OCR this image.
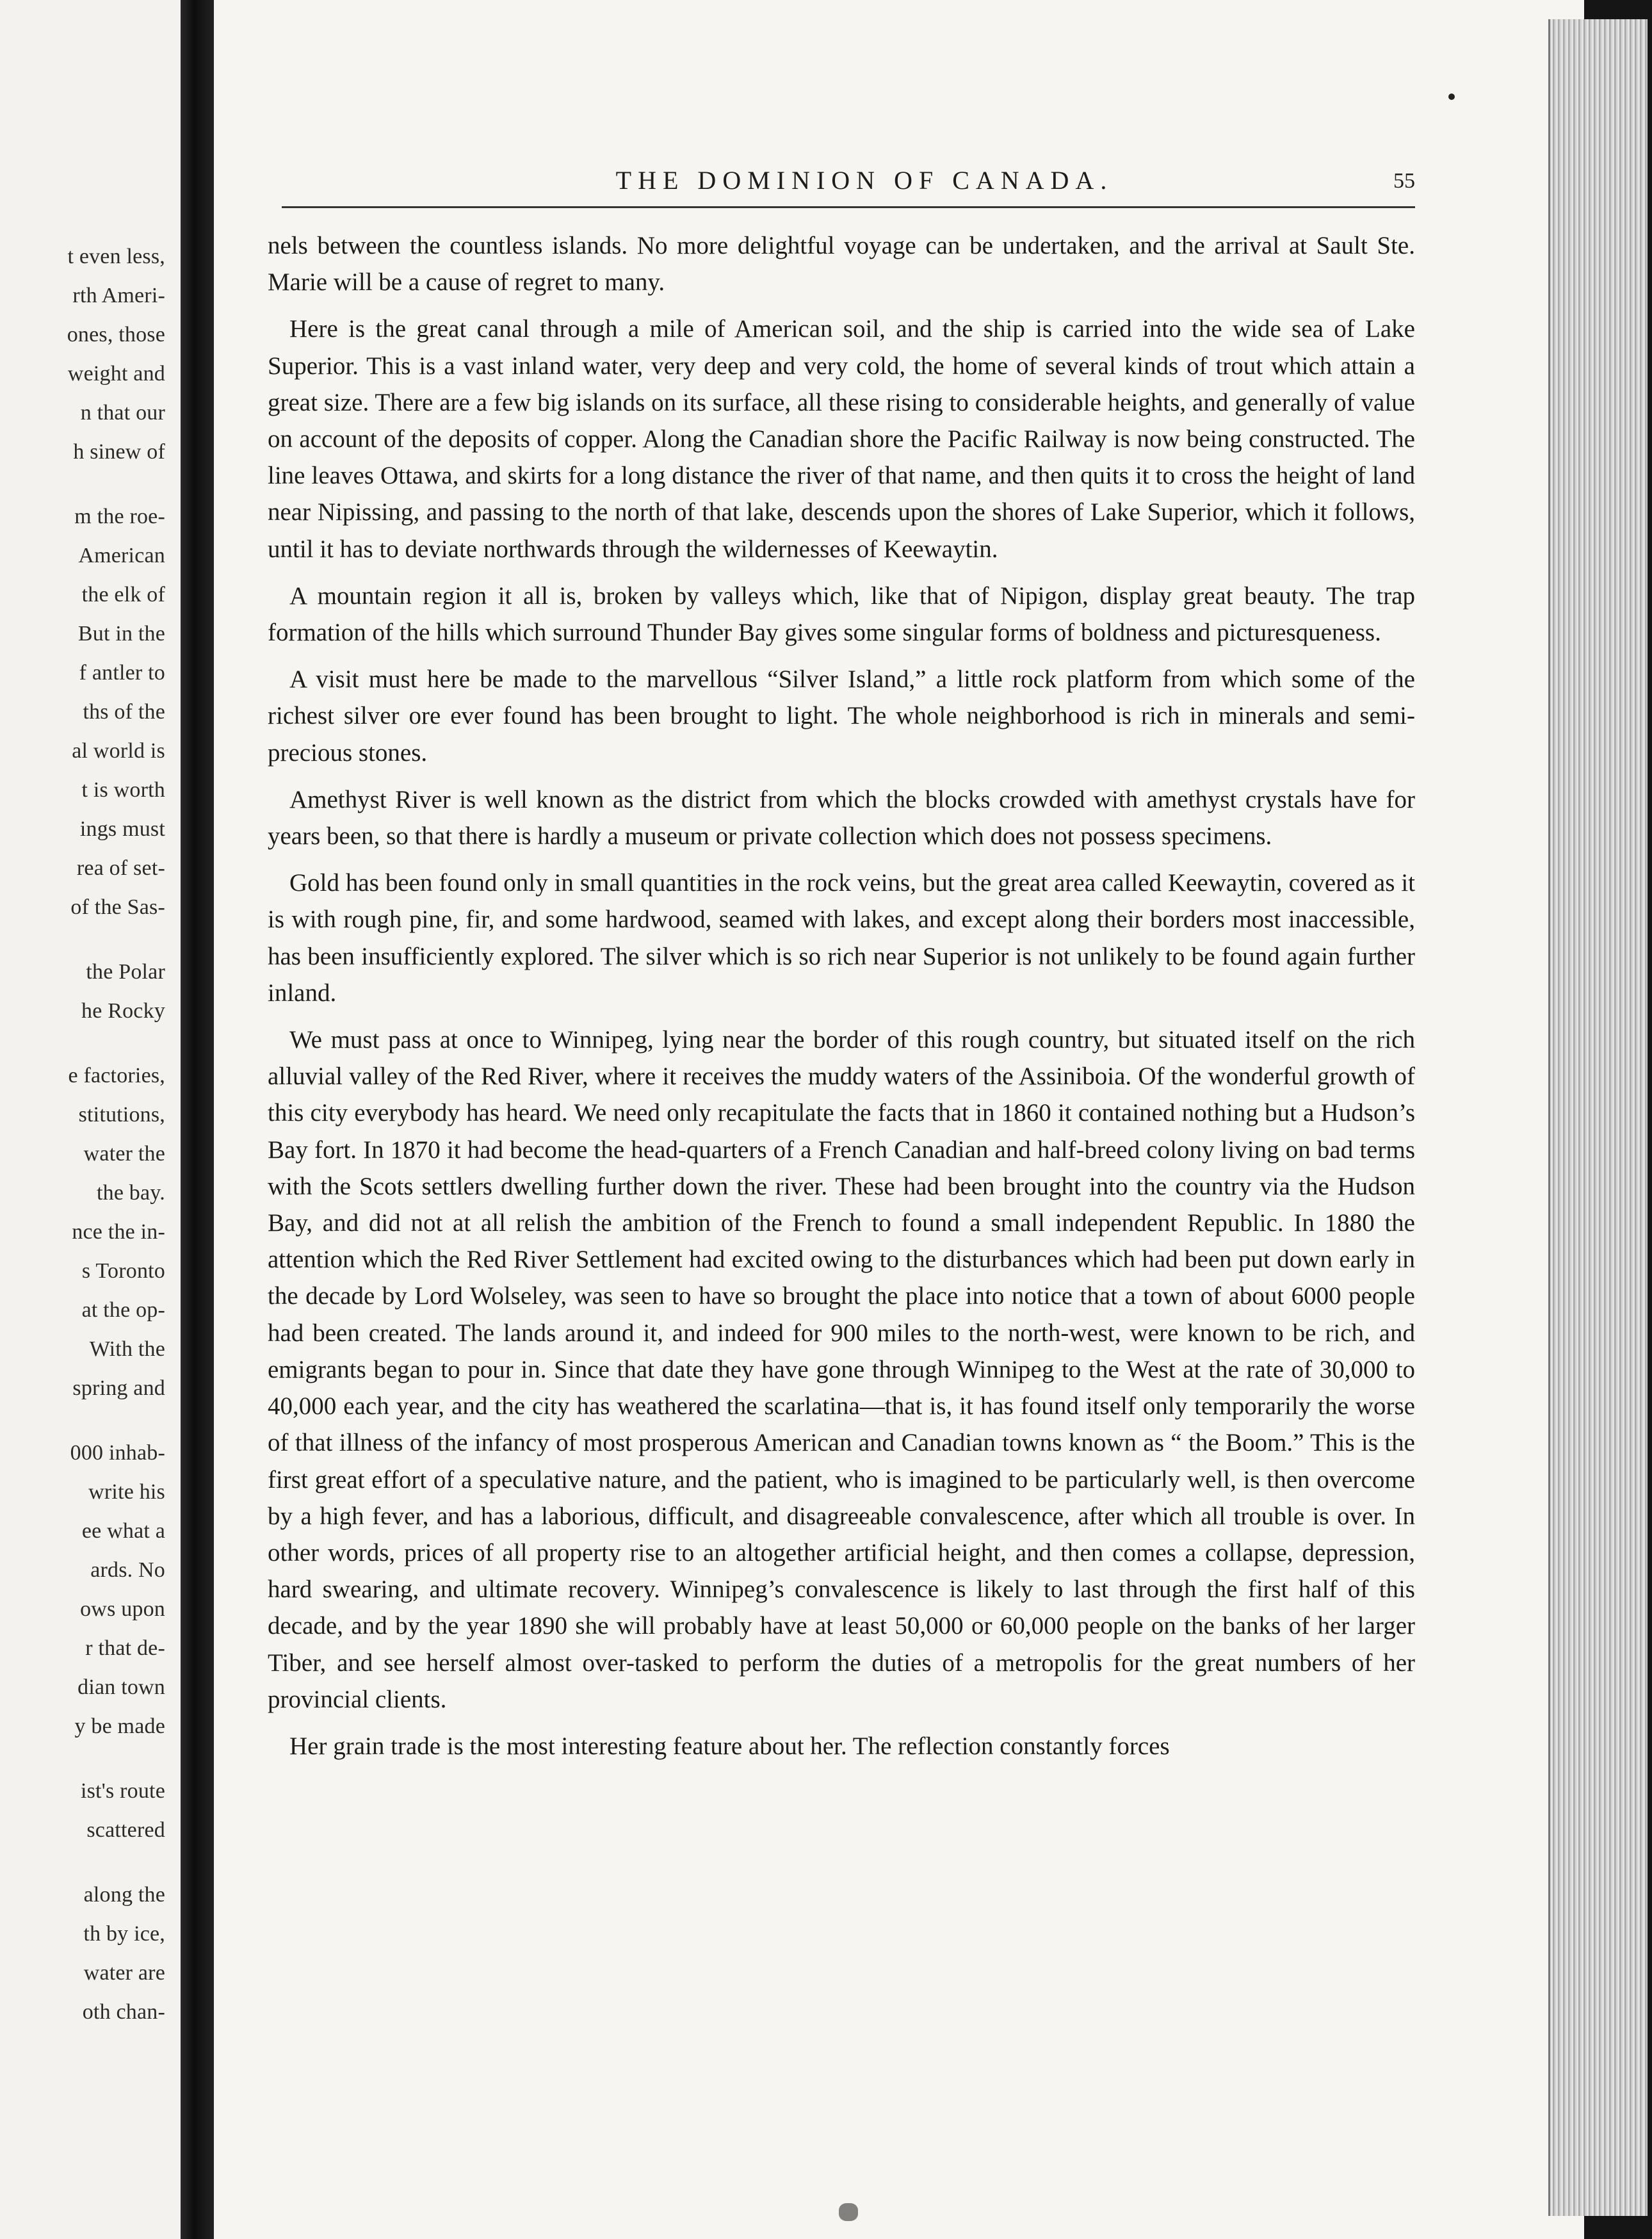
t even less,
rth Ameri-
ones, those
weight and
n that our
h sinew of
m the roe-
American
the elk of
But in the
f antler to
ths of the
al world is
t is worth
ings must
rea of set-
of the Sas-
the Polar
he Rocky
e factories,
stitutions,
water the
the bay.
nce the in-
s Toronto
at the op-
With the
spring and
000 inhab-
write his
ee what a
ards. No
ows upon
r that de-
dian town
y be made
ist's route
scattered
along the
th by ice,
water are
oth chan-
THE DOMINION OF CANADA.	55

nels between the countless islands. No more delightful voyage can be undertaken, and the arrival at Sault Ste. Marie will be a cause of regret to many.

Here is the great canal through a mile of American soil, and the ship is carried into the wide sea of Lake Superior. This is a vast inland water, very deep and very cold, the home of several kinds of trout which attain a great size. There are a few big islands on its surface, all these rising to considerable heights, and generally of value on account of the deposits of copper. Along the Canadian shore the Pacific Railway is now being constructed. The line leaves Ottawa, and skirts for a long distance the river of that name, and then quits it to cross the height of land near Nipissing, and passing to the north of that lake, descends upon the shores of Lake Superior, which it follows, until it has to deviate northwards through the wildernesses of Keewaytin.

A mountain region it all is, broken by valleys which, like that of Nipigon, display great beauty. The trap formation of the hills which surround Thunder Bay gives some singular forms of boldness and picturesqueness.

A visit must here be made to the marvellous “Silver Island,” a little rock platform from which some of the richest silver ore ever found has been brought to light. The whole neighborhood is rich in minerals and semi-precious stones.

Amethyst River is well known as the district from which the blocks crowded with amethyst crystals have for years been, so that there is hardly a museum or private collection which does not possess specimens.

Gold has been found only in small quantities in the rock veins, but the great area called Keewaytin, covered as it is with rough pine, fir, and some hardwood, seamed with lakes, and except along their borders most inaccessible, has been insufficiently explored. The silver which is so rich near Superior is not unlikely to be found again further inland.

We must pass at once to Winnipeg, lying near the border of this rough country, but situated itself on the rich alluvial valley of the Red River, where it receives the muddy waters of the Assiniboia. Of the wonderful growth of this city everybody has heard. We need only recapitulate the facts that in 1860 it contained nothing but a Hudson’s Bay fort. In 1870 it had become the head-quarters of a French Canadian and half-breed colony living on bad terms with the Scots settlers dwelling further down the river. These had been brought into the country via the Hudson Bay, and did not at all relish the ambition of the French to found a small independent Republic. In 1880 the attention which the Red River Settlement had excited owing to the disturbances which had been put down early in the decade by Lord Wolseley, was seen to have so brought the place into notice that a town of about 6000 people had been created. The lands around it, and indeed for 900 miles to the north-west, were known to be rich, and emigrants began to pour in. Since that date they have gone through Winnipeg to the West at the rate of 30,000 to 40,000 each year, and the city has weathered the scarlatina—that is, it has found itself only temporarily the worse of that illness of the infancy of most prosperous American and Canadian towns known as “ the Boom.” This is the first great effort of a speculative nature, and the patient, who is imagined to be particularly well, is then overcome by a high fever, and has a laborious, difficult, and disagreeable convalescence, after which all trouble is over. In other words, prices of all property rise to an altogether artificial height, and then comes a collapse, depression, hard swearing, and ultimate recovery. Winnipeg’s convalescence is likely to last through the first half of this decade, and by the year 1890 she will probably have at least 50,000 or 60,000 people on the banks of her larger Tiber, and see herself almost over-tasked to perform the duties of a metropolis for the great numbers of her provincial clients.

Her grain trade is the most interesting feature about her. The reflection constantly forces
